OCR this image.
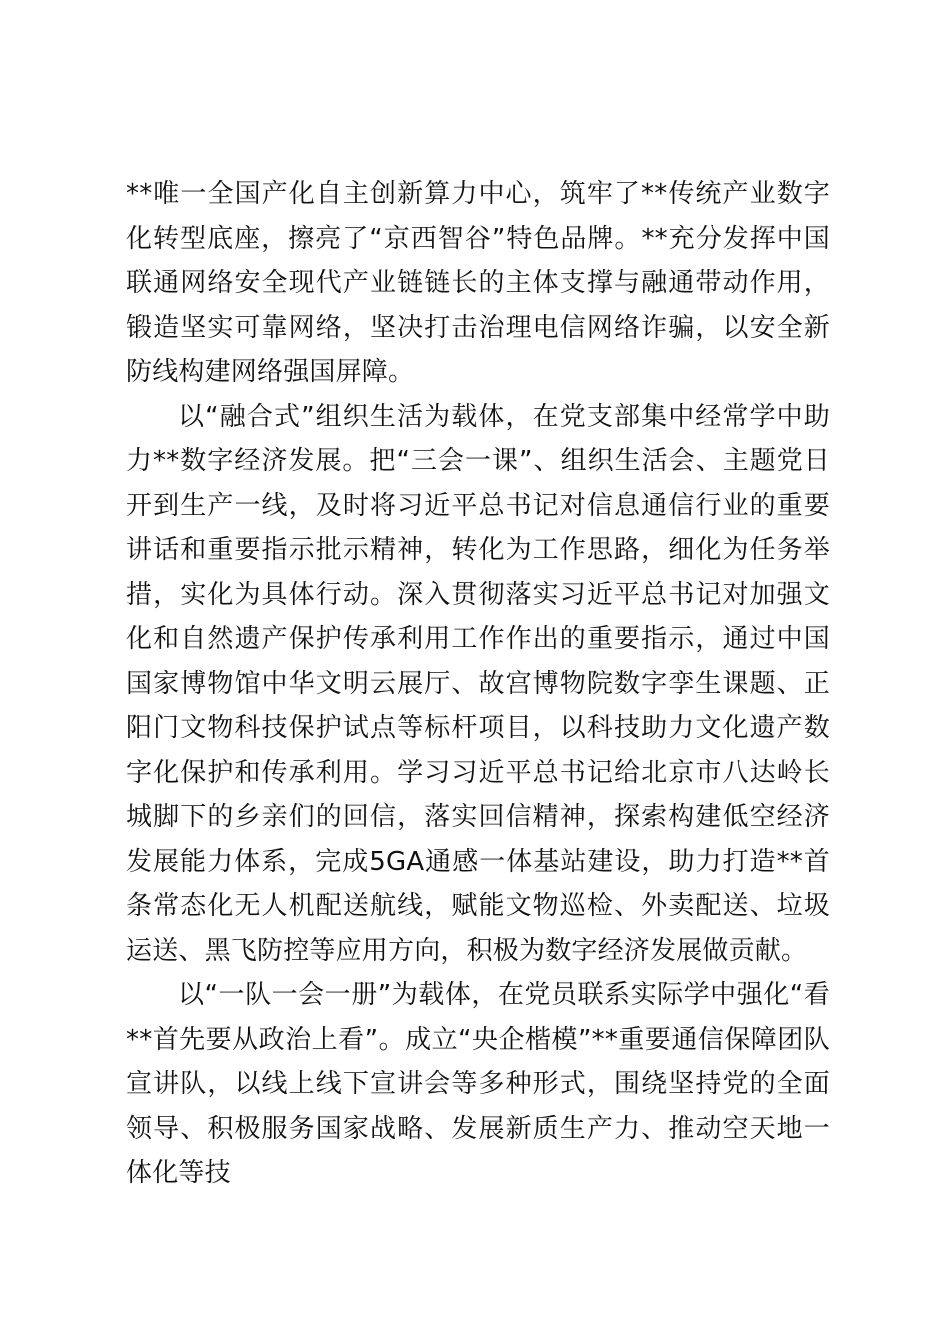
**唯一全国产化自主创新算力中心，筑牢了**传统产业数字化转型底座，擦亮了“京西智谷”特色品牌。**充分发挥中国联通网络安全现代产业链链长的主体支撑与融通带动作用，锻造坚实可靠网络，坚决打击治理电信网络诈骗，以安全新防线构建网络强国屏障。

以“融合式”组织生活为载体，在党支部集中经常学中助力**数字经济发展。把“三会一课”、组织生活会、主题党日开到生产一线，及时将习近平总书记对信息通信行业的重要讲话和重要指示批示精神，转化为工作思路，细化为任务举措，实化为具体行动。深入贯彻落实习近平总书记对加强文化和自然遗产保护传承利用工作作出的重要指示，通过中国国家博物馆中华文明云展厅、故宫博物院数字孪生课题、正阳门文物科技保护试点等标杆项目，以科技助力文化遗产数字化保护和传承利用。学习习近平总书记给北京市八达岭长城脚下的乡亲们的回信，落实回信精神，探索构建低空经济发展能力体系，完成5GA通感一体基站建设，助力打造**首条常态化无人机配送航线，赋能文物巡检、外卖配送、垃圾运送、黑飞防控等应用方向，积极为数字经济发展做贡献。

以“一队一会一册”为载体，在党员联系实际学中强化“看**首先要从政治上看”。成立“央企楷模”**重要通信保障团队宣讲队，以线上线下宣讲会等多种形式，围绕坚持党的全面领导、积极服务国家战略、发展新质生产力、推动空天地一体化等技
